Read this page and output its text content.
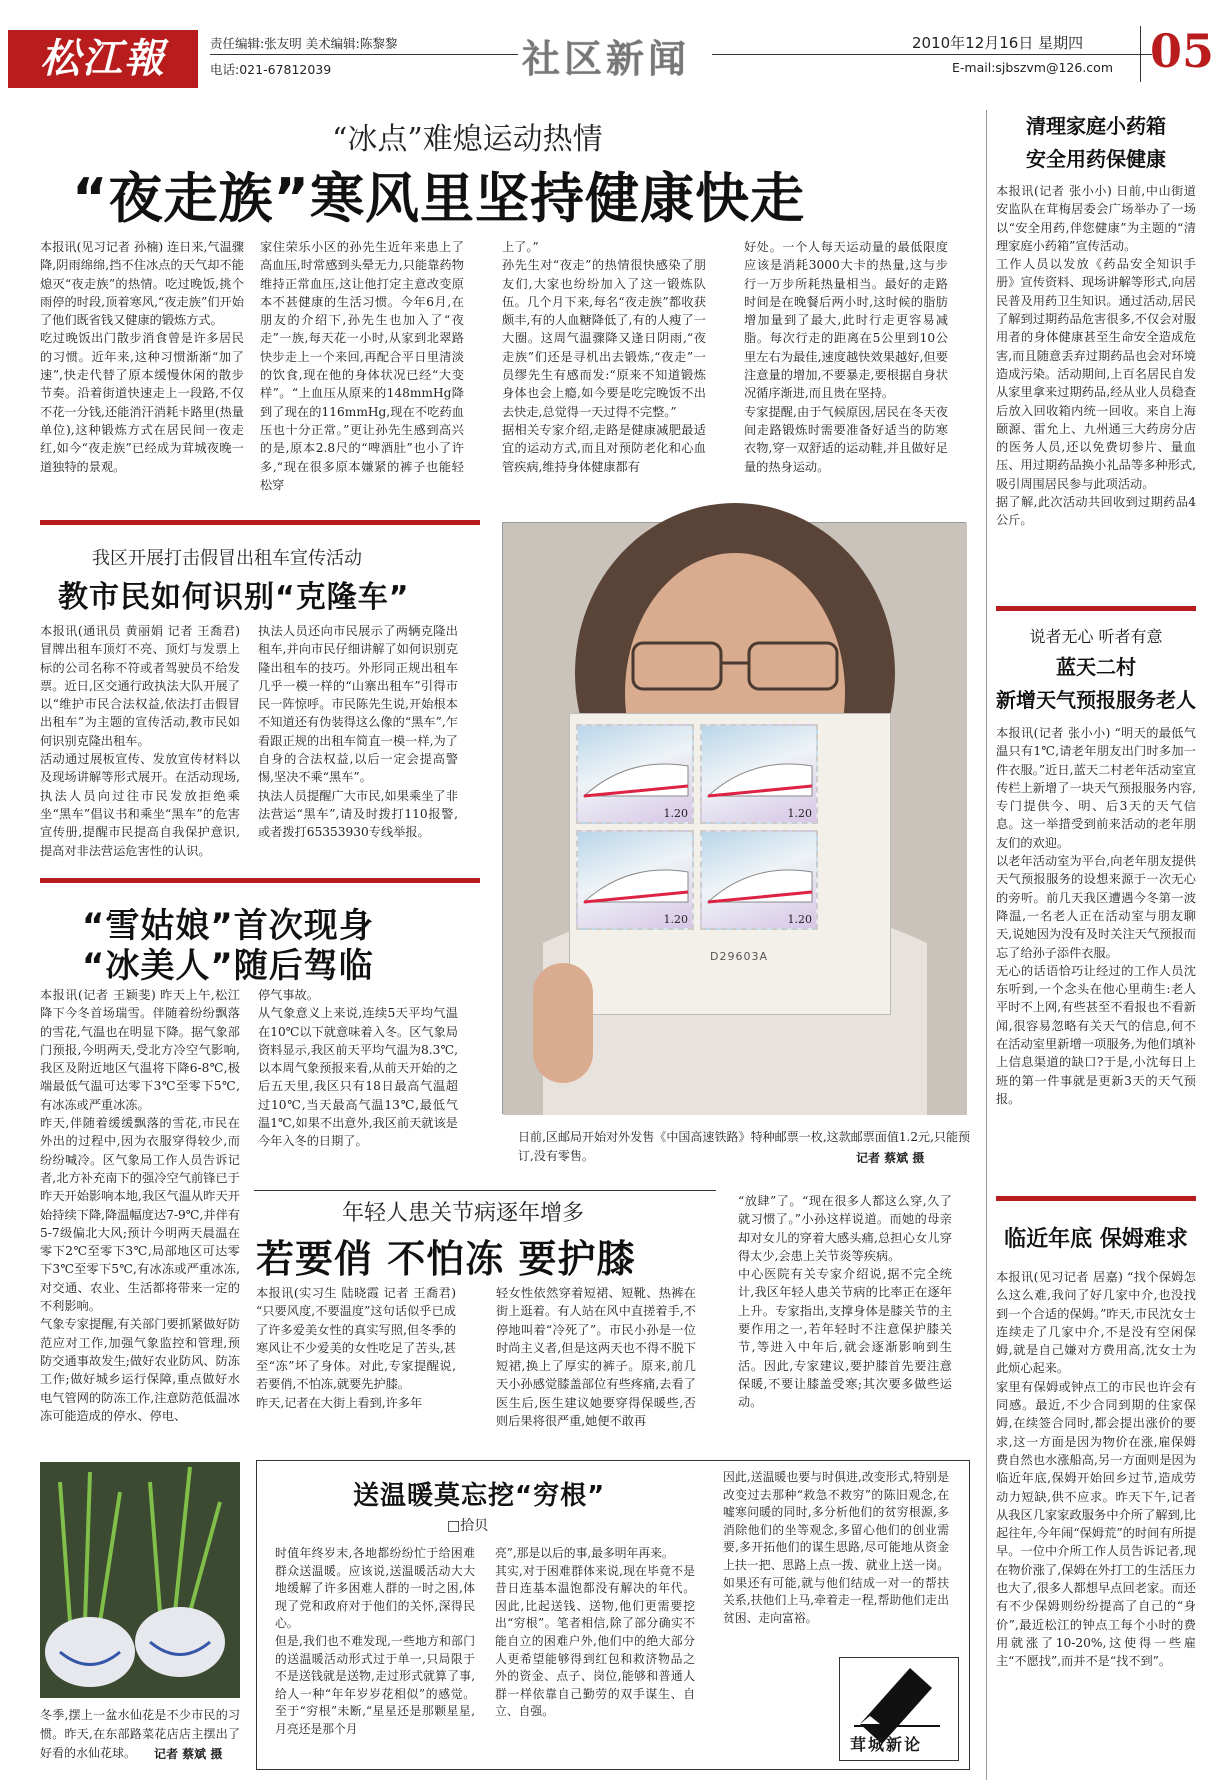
松江報	责任编辑:张友明 美术编辑:陈黎黎
电话:021-67812039	社区新闻	2010年12月16日 星期四
E-mail:sjbszvm@126.com 05
“冰点”难熄运动热情
“夜走族”寒风里坚持健康快走
本报讯(见习记者 孙楠) 连日来,气温骤降,阴雨绵绵,挡不住冰点的天气却不能熄灭“夜走族”的热情。吃过晚饭,挑个雨停的时段,顶着寒风,“夜走族”们开始了他们既省钱又健康的锻炼方式。
吃过晚饭出门散步消食曾是许多居民的习惯。近年来,这种习惯渐渐“加了速”,快走代替了原本缓慢休闲的散步节奏。沿着街道快速走上一段路,不仅不花一分钱,还能消汗消耗卡路里(热量单位),这种锻炼方式在居民间一夜走红,如今“夜走族”已经成为茸城夜晚一道独特的景观。
家住荣乐小区的孙先生近年来患上了高血压,时常感到头晕无力,只能靠药物维持正常血压,这让他打定主意改变原本不甚健康的生活习惯。今年6月,在朋友的介绍下,孙先生也加入了“夜走”一族,每天花一小时,从家到北翠路快步走上一个来回,再配合平日里清淡的饮食,现在他的身体状况已经“大变样”。“上血压从原来的148mmHg降到了现在的116mmHg,现在不吃药血压也十分正常。”更让孙先生感到高兴的是,原本2.8尺的“啤酒肚”也小了许多,“现在很多原本嫌紧的裤子也能轻松穿
上了。”
孙先生对“夜走”的热情很快感染了朋友们,大家也纷纷加入了这一锻炼队伍。几个月下来,每名“夜走族”都收获颇丰,有的人血糖降低了,有的人瘦了一大圈。这周气温骤降又逢日阴雨,“夜走族”们还是寻机出去锻炼,“夜走”一员缪先生有感而发:“原来不知道锻炼身体也会上瘾,如今要是吃完晚饭不出去快走,总觉得一天过得不完整。”
据相关专家介绍,走路是健康减肥最适宜的运动方式,而且对预防老化和心血管疾病,维持身体健康都有
好处。一个人每天运动量的最低限度应该是消耗3000大卡的热量,这与步行一万步所耗热量相当。最好的走路时间是在晚餐后两小时,这时候的脂肪增加量到了最大,此时行走更容易减脂。每次行走的距离在5公里到10公里左右为最佳,速度越快效果越好,但要注意量的增加,不要暴走,要根据自身状况循序渐进,而且贵在坚持。
专家提醒,由于气候原因,居民在冬天夜间走路锻炼时需要准备好适当的防寒衣物,穿一双舒适的运动鞋,并且做好足量的热身运动。
我区开展打击假冒出租车宣传活动
教市民如何识别“克隆车”
本报讯(通讯员 黄丽娟 记者 王喬君) 冒牌出租车顶灯不亮、顶灯与发票上标的公司名称不符或者驾驶员不给发票。近日,区交通行政执法大队开展了以“维护市民合法权益,依法打击假冒出租车”为主题的宣传活动,教市民如何识别克隆出租车。
活动通过展板宣传、发放宣传材料以及现场讲解等形式展开。在活动现场,执法人员向过往市民发放拒绝乘坐“黑车”倡议书和乘坐“黑车”的危害宣传册,提醒市民提高自我保护意识,提高对非法营运危害性的认识。
执法人员还向市民展示了两辆克隆出租车,并向市民仔细讲解了如何识别克隆出租车的技巧。外形同正规出租车几乎一模一样的“山寨出租车”引得市民一阵惊呼。市民陈先生说,开始根本不知道还有伪装得这么像的“黑车”,乍看跟正规的出租车简直一模一样,为了自身的合法权益,以后一定会提高警惕,坚决不乘“黑车”。
执法人员提醒广大市民,如果乘坐了非法营运“黑车”,请及时拨打110报警,或者拨打65353930专线举报。
“雪姑娘”首次现身
“冰美人”随后驾临
本报讯(记者 王颖斐) 昨天上午,松江降下今冬首场瑞雪。伴随着纷纷飘落的雪花,气温也在明显下降。据气象部门预报,今明两天,受北方冷空气影响,我区及附近地区气温将下降6-8℃,极端最低气温可达零下3℃至零下5℃,有冰冻或严重冰冻。
昨天,伴随着缓缓飘落的雪花,市民在外出的过程中,因为衣服穿得较少,而纷纷喊冷。区气象局工作人员告诉记者,北方补充南下的强冷空气前锋已于昨天开始影响本地,我区气温从昨天开始持续下降,降温幅度达7-9℃,并伴有5-7级偏北大风;预计今明两天晨温在零下2℃至零下3℃,局部地区可达零下3℃至零下5℃,有冰冻或严重冰冻,对交通、农业、生活都将带来一定的不利影响。
气象专家提醒,有关部门要抓紧做好防范应对工作,加强气象监控和管理,预防交通事故发生;做好农业防风、防冻工作;做好城乡运行保障,重点做好水电气管网的防冻工作,注意防范低温冰冻可能造成的停水、停电、
停气事故。
从气象意义上来说,连续5天平均气温在10℃以下就意味着入冬。区气象局资料显示,我区前天平均气温为8.3℃,以本周气象预报来看,从前天开始的之后五天里,我区只有18日最高气温超过10℃,当天最高气温13℃,最低气温1℃,如果不出意外,我区前天就该是今年入冬的日期了。
1.20	1.20
1.20	1.20
D29603A
日前,区邮局开始对外发售《中国高速铁路》特种邮票一枚,这款邮票面值1.2元,只能预订,没有零售。	记者 蔡斌 摄
年轻人患关节病逐年增多
若要俏 不怕冻 要护膝
本报讯(实习生 陆晓霞 记者 王喬君) “只要风度,不要温度”这句话似乎已成了许多爱美女性的真实写照,但冬季的寒风让不少爱美的女性吃足了苦头,甚至“冻”坏了身体。对此,专家提醒说,若要俏,不怕冻,就要先护膝。
昨天,记者在大街上看到,许多年
轻女性依然穿着短裙、短靴、热裤在街上逛着。有人站在风中直搓着手,不停地叫着“冷死了”。市民小孙是一位时尚主义者,但是这两天也不得不脱下短裙,换上了厚实的裤子。原来,前几天小孙感觉膝盖部位有些疼痛,去看了医生后,医生建议她要穿得保暖些,否则后果将很严重,她便不敢再
“放肆”了。“现在很多人都这么穿,久了就习惯了。”小孙这样说道。而她的母亲却对女儿的穿着大感头痛,总担心女儿穿得太少,会患上关节炎等疾病。
中心医院有关专家介绍说,据不完全统计,我区年轻人患关节病的比率正在逐年上升。专家指出,支撑身体是膝关节的主要作用之一,若年轻时不注意保护膝关节,等进入中年后,就会逐渐影响到生活。因此,专家建议,要护膝首先要注意保暖,不要让膝盖受寒;其次要多做些运动。
冬季,摆上一盆水仙花是不少市民的习惯。昨天,在东部路菜花店店主摆出了好看的水仙花球。	记者 蔡斌 摄
送温暖莫忘挖“穷根”
□拾贝
时值年终岁末,各地都纷纷忙于给困难群众送温暖。应该说,送温暖活动大大地缓解了许多困难人群的一时之困,体现了党和政府对于他们的关怀,深得民心。
但是,我们也不难发现,一些地方和部门的送温暖活动形式过于单一,只局限于不是送钱就是送物,走过形式就算了事,给人一种“年年岁岁花相似”的感觉。至于“穷根”未断,“星星还是那颗星星,月亮还是那个月
亮”,那是以后的事,最多明年再来。
其实,对于困难群体来说,现在毕竟不是昔日连基本温饱都没有解决的年代。因此,比起送钱、送物,他们更需要挖出“穷根”。笔者相信,除了部分确实不能自立的困难户外,他们中的绝大部分人更希望能够得到红包和救济物品之外的资金、点子、岗位,能够和普通人群一样依靠自己勤劳的双手谋生、自立、自强。
因此,送温暖也要与时俱进,改变形式,特别是改变过去那种“救急不救穷”的陈旧观念,在嘘寒问暖的同时,多分析他们的贫穷根源,多消除他们的坐等观念,多留心他们的创业需要,多开拓他们的谋生思路,尽可能地从资金上扶一把、思路上点一拨、就业上送一岗。如果还有可能,就与他们结成一对一的帮扶关系,扶他们上马,牵着走一程,帮助他们走出贫困、走向富裕。
茸城新论
清理家庭小药箱
安全用药保健康
本报讯(记者 张小小) 日前,中山街道安监队在茸梅居委会广场举办了一场以“安全用药,伴您健康”为主题的“清理家庭小药箱”宣传活动。
工作人员以发放《药品安全知识手册》宣传资料、现场讲解等形式,向居民普及用药卫生知识。通过活动,居民了解到过期药品危害很多,不仅会对服用者的身体健康甚至生命安全造成危害,而且随意丢弃过期药品也会对环境造成污染。活动期间,上百名居民自发从家里拿来过期药品,经从业人员稳查后放入回收箱内统一回收。来自上海颐源、雷允上、九州通三大药房分店的医务人员,还以免费切参片、量血压、用过期药品换小礼品等多种形式,吸引周围居民参与此项活动。
据了解,此次活动共回收到过期药品4公斤。
说者无心 听者有意
蓝天二村
新增天气预报服务老人
本报讯(记者 张小小) “明天的最低气温只有1℃,请老年朋友出门时多加一件衣服。”近日,蓝天二村老年活动室宣传栏上新增了一块天气预报服务内容,专门提供今、明、后3天的天气信息。这一举措受到前来活动的老年朋友们的欢迎。
以老年活动室为平台,向老年朋友提供天气预报服务的设想来源于一次无心的旁听。前几天我区遭遇今冬第一波降温,一名老人正在活动室与朋友聊天,说她因为没有及时关注天气预报而忘了给孙子添件衣服。
无心的话语恰巧让经过的工作人员沈东听到,一个念头在他心里萌生:老人平时不上网,有些甚至不看报也不看新闻,很容易忽略有关天气的信息,何不在活动室里新增一项服务,为他们填补上信息渠道的缺口?于是,小沈每日上班的第一件事就是更新3天的天气预报。
临近年底 保姆难求
本报讯(见习记者 居嘉) “找个保姆怎么这么难,我问了好几家中介,也没找到一个合适的保姆。”昨天,市民沈女士连续走了几家中介,不是没有空闲保姆,就是自己嫌对方费用高,沈女士为此烦心起来。
家里有保姆或钟点工的市民也许会有同感。最近,不少合同到期的住家保姆,在续签合同时,都会提出涨价的要求,这一方面是因为物价在涨,雇保姆费自然也水涨船高,另一方面则是因为临近年底,保姆开始回乡过节,造成劳动力短缺,供不应求。昨天下午,记者从我区几家家政服务中介所了解到,比起往年,今年闹“保姆荒”的时间有所提早。一位中介所工作人员告诉记者,现在物价涨了,保姆在外打工的生活压力也大了,很多人都想早点回老家。而还有不少保姆则纷纷提高了自己的“身价”,最近松江的钟点工每个小时的费用就涨了10-20%,这使得一些雇主“不愿找”,而并不是“找不到”。
